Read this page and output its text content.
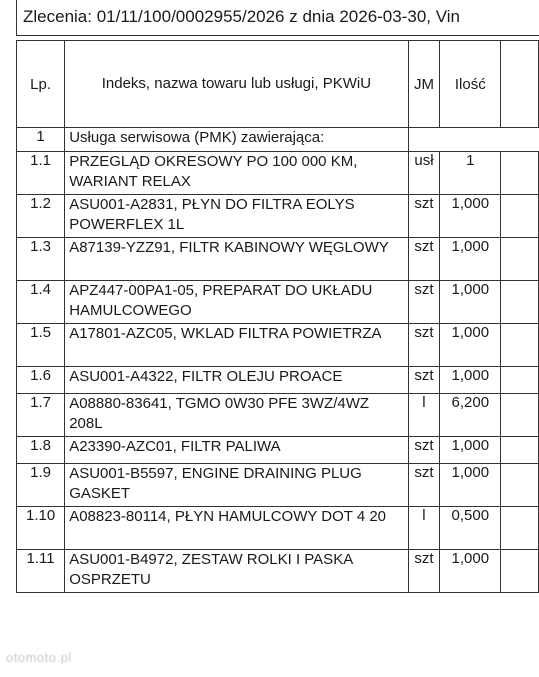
Zlecenia: 01/11/100/0002955/2026 z dnia 2026-03-30, Vin
Lp.	Indeks, nazwa towaru lub usługi, PKWiU	JM	Ilość	
1	Usługa serwisowa (PMK) zawierająca:			
1.1	PRZEGLĄD OKRESOWY PO 100 000 KM, WARIANT RELAX	usł	1	
1.2	ASU001-A2831, PŁYN DO FILTRA EOLYS POWERFLEX 1L	szt	1,000	
1.3	A87139-YZZ91, FILTR KABINOWY WĘGLOWY	szt	1,000	
1.4	APZ447-00PA1-05, PREPARAT DO UKŁADU HAMULCOWEGO	szt	1,000	
1.5	A17801-AZC05, WKLAD FILTRA POWIETRZA	szt	1,000	
1.6	ASU001-A4322, FILTR OLEJU PROACE	szt	1,000	
1.7	A08880-83641, TGMO 0W30 PFE 3WZ/4WZ 208L	l	6,200	
1.8	A23390-AZC01, FILTR PALIWA	szt	1,000	
1.9	ASU001-B5597, ENGINE DRAINING PLUG GASKET	szt	1,000	
1.10	A08823-80114, PŁYN HAMULCOWY DOT 4 20	l	0,500	
1.11	ASU001-B4972, ZESTAW ROLKI I PASKA OSPRZETU	szt	1,000	
otomoto.pl
